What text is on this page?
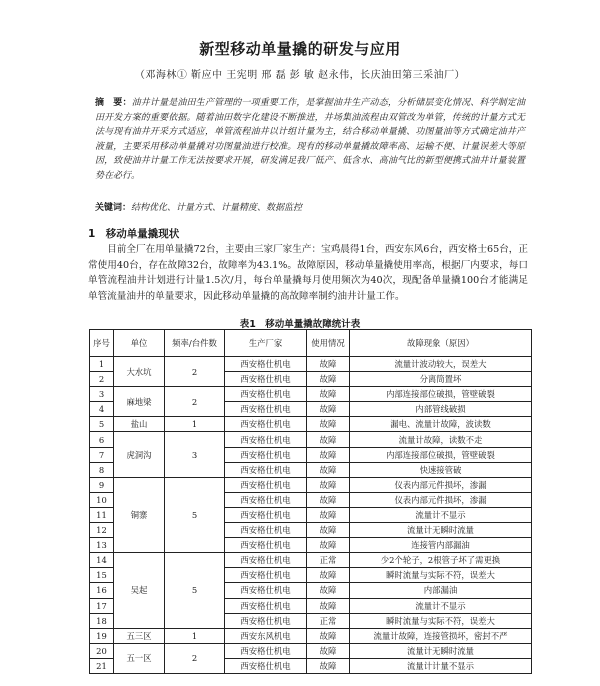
新型移动单量撬的研发与应用
（邓海林① 靳应中 王宪明 邢 磊 彭 敏 赵永伟，长庆油田第三采油厂）
摘　要：油井计量是油田生产管理的一项重要工作，是掌握油井生产动态，分析储层变化情况、科学制定油田开发方案的重要依据。随着油田数字化建设不断推进，井场集油流程由双管改为单管，传统的计量方式无法与现有油井开采方式适应，单管流程油井以计组计量为主，结合移动单量撬、功图量油等方式确定油井产液量，主要采用移动单量撬对功图量油进行校准。现有的移动单量撬故障率高、运输不便、计量误差大等原因，致使油井计量工作无法按要求开展，研发满足我厂低产、低含水、高油气比的新型便携式油井计量装置势在必行。
关键词：结构优化、计量方式、计量精度、数据监控
1　移动单量撬现状
目前全厂在用单量撬72台，主要由三家厂家生产：宝鸡晨得1台，西安东风6台，西安格士65台，正常使用40台，存在故障32台，故障率为43.1%。故障原因，移动单量撬使用率高，根据厂内要求，每口单管流程油井计划进行计量1.5次/月，每台单量撬每月使用频次为40次，现配备单量撬100台才能满足单管流量油井的单量要求，因此移动单量撬的高故障率制约油井计量工作。
表1　移动单量撬故障统计表
序号	单位	频率/台件数	生产厂家	使用情况	故障现象（原因）
1	大水坑	2	西安格仕机电	故障	流量计波动较大，误差大
2			西安格仕机电	故障	分离筒置坏
3	麻地梁	2	西安格仕机电	故障	内部连接部位破损，管壁破裂
4			西安格仕机电	故障	内部管线破损
5	盐山	1	西安格仕机电	故障	漏电、流量计故障，波读数
6	虎洞沟	3	西安格仕机电	故障	流量计故障，读数不走
7			西安格仕机电	故障	内部连接部位破损，管壁破裂
8			西安格仕机电	故障	快速接管破
9	铜寨	5	西安格仕机电	故障	仪表内部元件损坏，渗漏
10			西安格仕机电	故障	仪表内部元件损坏，渗漏
11			西安格仕机电	故障	流量计不显示
12			西安格仕机电	故障	流量计无瞬时流量
13			西安格仕机电	故障	连接管内部漏油
14	吴起	5	西安格仕机电	正常	少2个轮子，2根管子坏了需更换
15			西安格仕机电	故障	瞬时流量与实际不符，误差大
16			西安格仕机电	故障	内部漏油
17			西安格仕机电	故障	流量计不显示
18			西安格仕机电	正常	瞬时流量与实际不符，误差大
19	五三区	1	西安东风机电	故障	流量计故障，连接管损坏，密封不严
20	五一区	2	西安格仕机电	故障	流量计无瞬时流量
21			西安格仕机电	故障	流量计计量不显示
